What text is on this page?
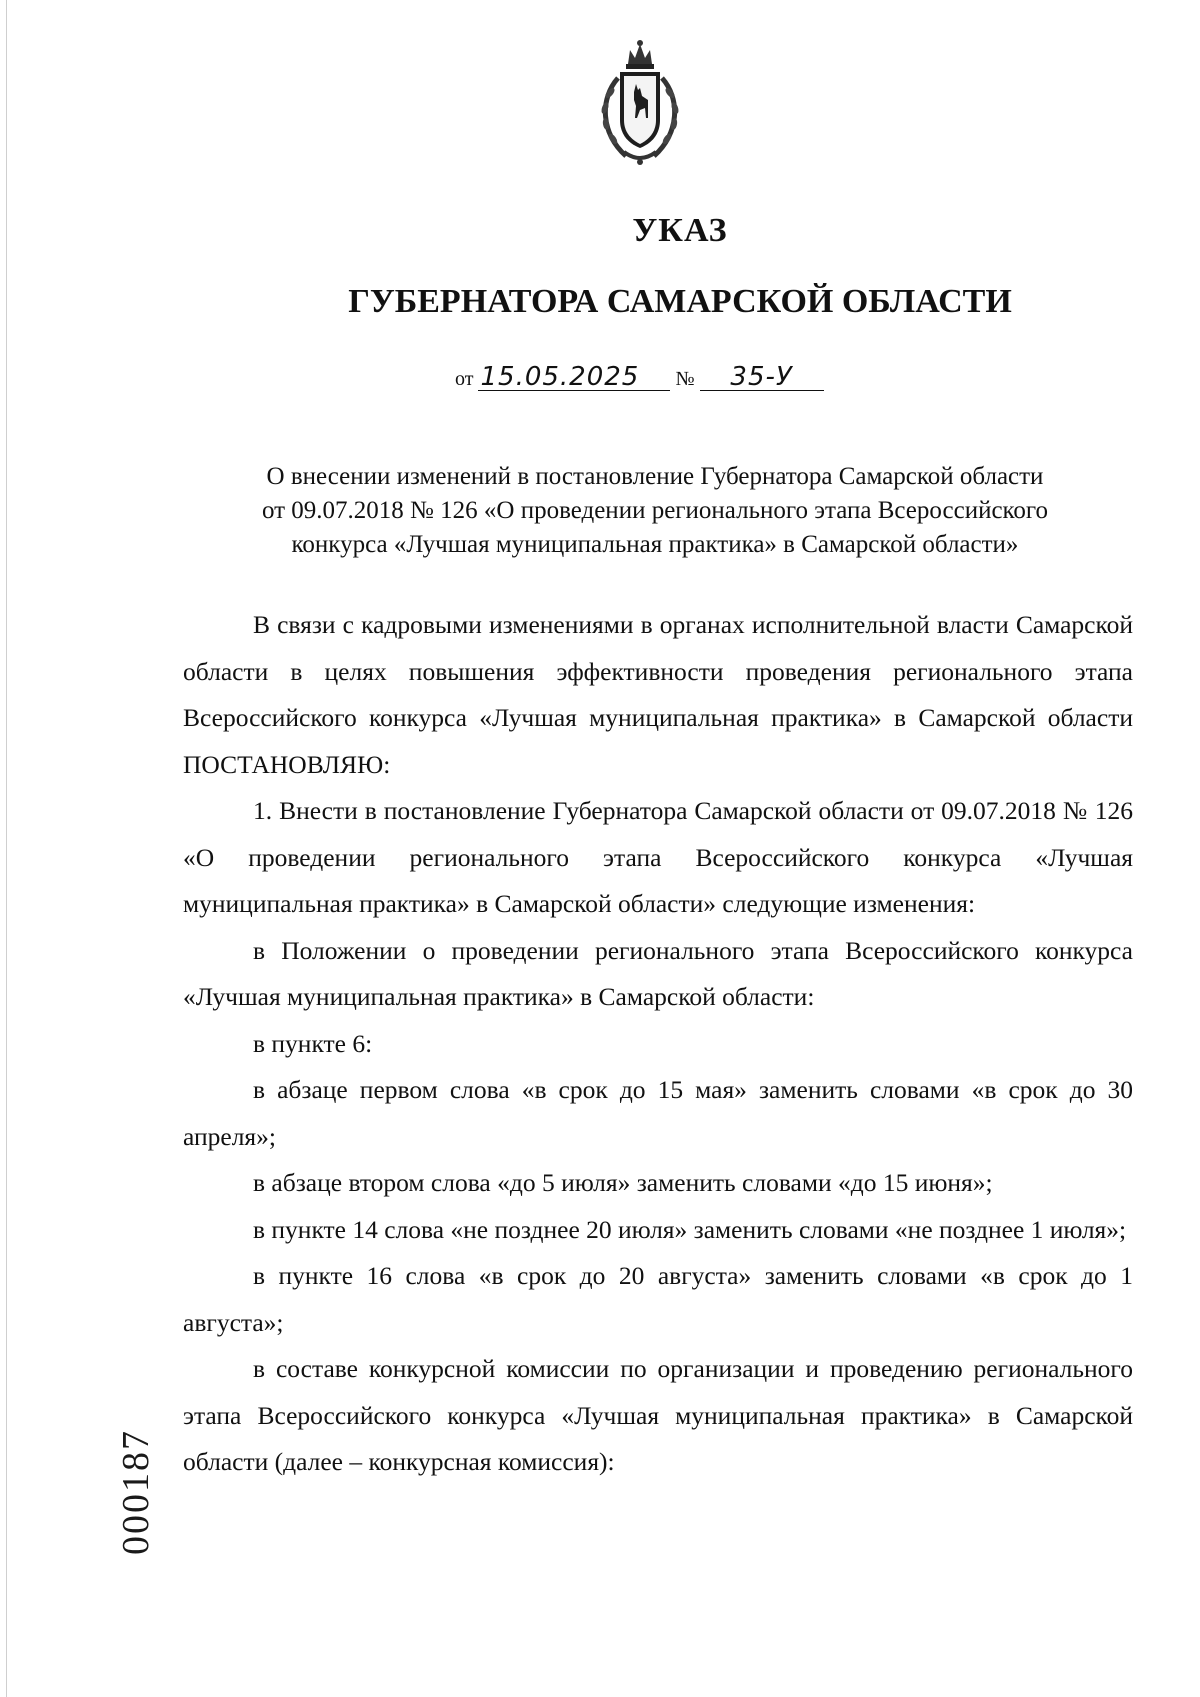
УКАЗ
ГУБЕРНАТОРА САМАРСКОЙ ОБЛАСТИ
от 15.05.2025 № 35-У
О внесении изменений в постановление Губернатора Самарской области
от 09.07.2018 № 126 «О проведении регионального этапа Всероссийского
конкурса «Лучшая муниципальная практика» в Самарской области»

В связи с кадровыми изменениями в органах исполнительной власти Самарской области в целях повышения эффективности проведения регионального этапа Всероссийского конкурса «Лучшая муниципальная практика» в Самарской области ПОСТАНОВЛЯЮ:

1. Внести в постановление Губернатора Самарской области от 09.07.2018 № 126 «О проведении регионального этапа Всероссийского конкурса «Лучшая муниципальная практика» в Самарской области» следующие изменения:

в Положении о проведении регионального этапа Всероссийского конкурса «Лучшая муниципальная практика» в Самарской области:

в пункте 6:

в абзаце первом слова «в срок до 15 мая» заменить словами «в срок до 30 апреля»;

в абзаце втором слова «до 5 июля» заменить словами «до 15 июня»;

в пункте 14 слова «не позднее 20 июля» заменить словами «не позднее 1 июля»;

в пункте 16 слова «в срок до 20 августа» заменить словами «в срок до 1 августа»;

в составе конкурсной комиссии по организации и проведению регионального этапа Всероссийского конкурса «Лучшая муниципальная практика» в Самарской области (далее – конкурсная комиссия):

000187
